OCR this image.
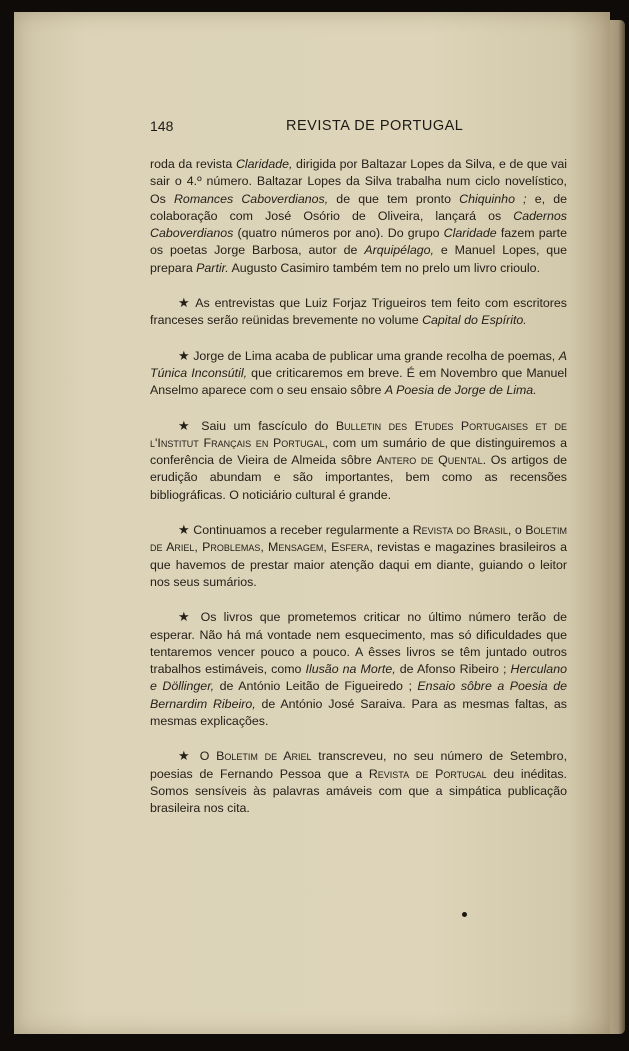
148	REVISTA DE PORTUGAL

roda da revista Claridade, dirigida por Baltazar Lopes da Silva, e de que vai sair o 4.º número. Baltazar Lopes da Silva trabalha num ciclo novelístico, Os Romances Caboverdianos, de que tem pronto Chiquinho ; e, de colaboração com José Osório de Oliveira, lançará os Cadernos Caboverdianos (quatro números por ano). Do grupo Claridade fazem parte os poetas Jorge Barbosa, autor de Arquipélago, e Manuel Lopes, que prepara Partir. Augusto Casimiro também tem no prelo um livro crioulo.

★ As entrevistas que Luiz Forjaz Trigueiros tem feito com escritores franceses serão reünidas brevemente no volume Capital do Espírito.

★ Jorge de Lima acaba de publicar uma grande recolha de poemas, A Túnica Inconsútil, que criticaremos em breve. É em Novembro que Manuel Anselmo aparece com o seu ensaio sôbre A Poesia de Jorge de Lima.

★ Saiu um fascículo do Bulletin des Etudes Portugaises et de l'Institut Français en Portugal, com um sumário de que distinguiremos a conferência de Vieira de Almeida sôbre Antero de Quental. Os artigos de erudição abundam e são importantes, bem como as recensões bibliográficas. O noticiário cultural é grande.

★ Continuamos a receber regularmente a Revista do Brasil, o Boletim de Ariel, Problemas, Mensagem, Esfera, revistas e magazines brasileiros a que havemos de prestar maior atenção daqui em diante, guiando o leitor nos seus sumários.

★ Os livros que prometemos criticar no último número terão de esperar. Não há má vontade nem esquecimento, mas só dificuldades que tentaremos vencer pouco a pouco. A êsses livros se têm juntado outros trabalhos estimáveis, como Ilusão na Morte, de Afonso Ribeiro ; Herculano e Döllinger, de António Leitão de Figueiredo ; Ensaio sôbre a Poesia de Bernardim Ribeiro, de António José Saraiva. Para as mesmas faltas, as mesmas explicações.

★ O Boletim de Ariel transcreveu, no seu número de Setembro, poesias de Fernando Pessoa que a Revista de Portugal deu inéditas. Somos sensíveis às palavras amáveis com que a simpática publicação brasileira nos cita.
